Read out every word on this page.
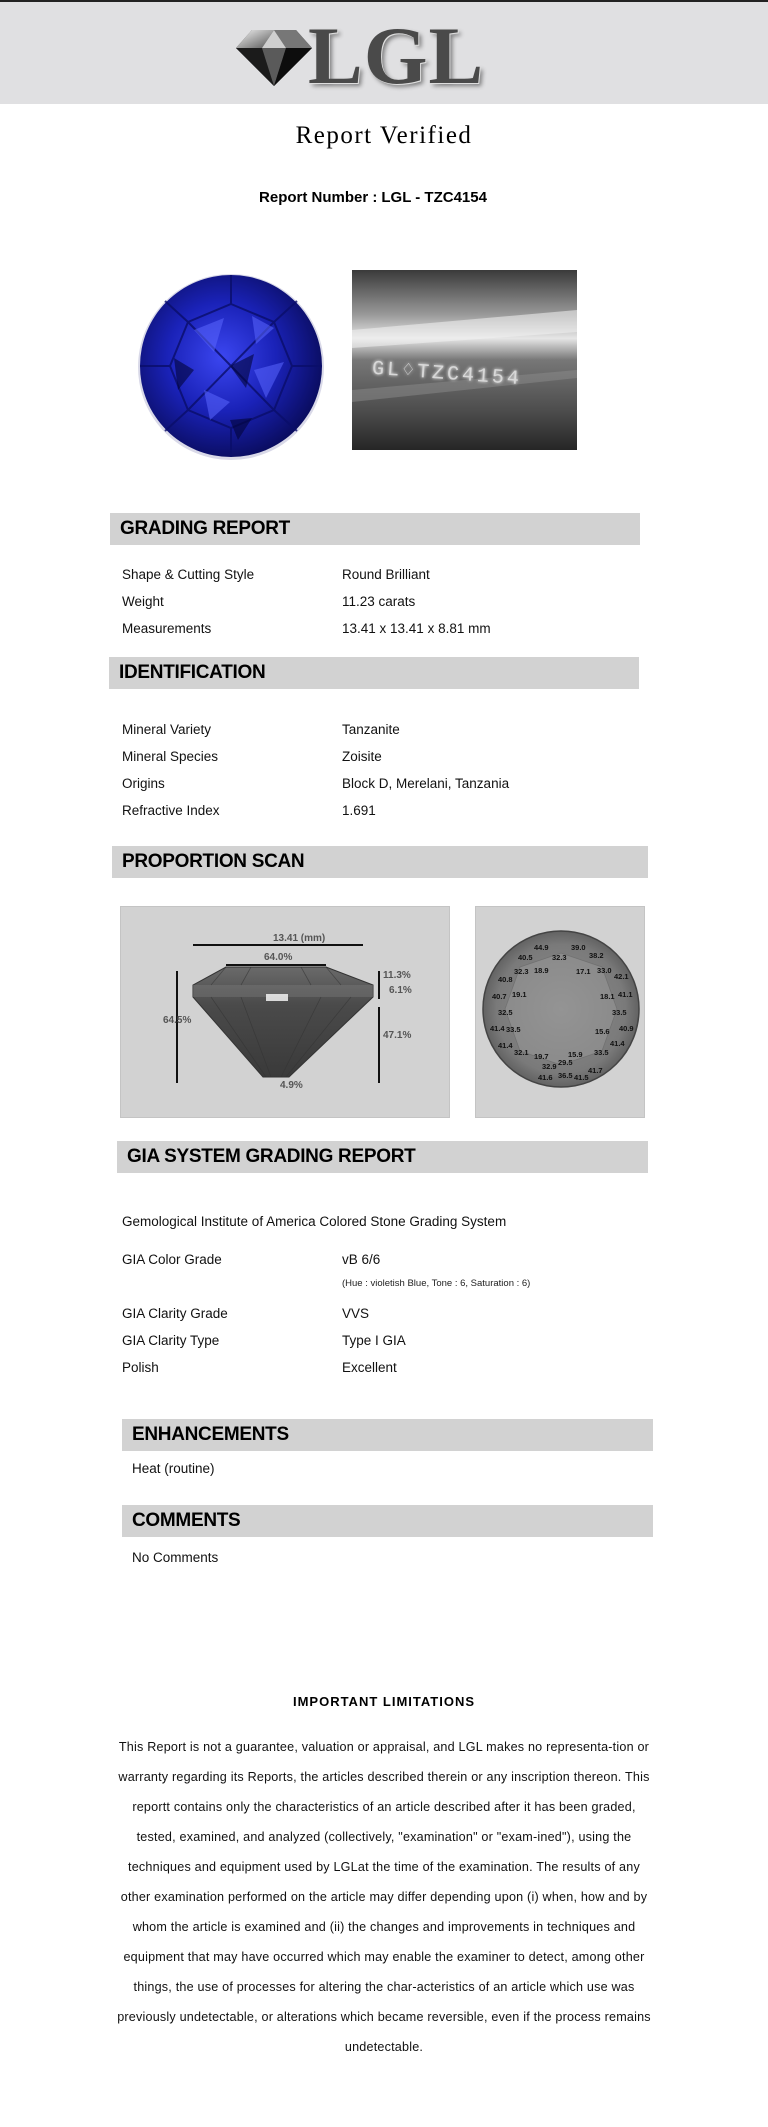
LGL
Report Verified
Report Number : LGL - TZC4154
GL♢TZC4154
GRADING REPORT
Shape & Cutting Style	Round Brilliant
Weight	11.23 carats
Measurements	13.41 x 13.41 x 8.81 mm
IDENTIFICATION
Mineral Variety	Tanzanite
Mineral Species	Zoisite
Origins	Block D, Merelani, Tanzania
Refractive Index	1.691
PROPORTION SCAN
13.41 (mm)
64.0%
64.5%
11.3%
6.1%
47.1%
4.9%
44.9	39.0
40.5	32.3	38.2
32.3 18.9	17.1 33.0
42.1
40.8
40.7 19.1	18.1 41.1
32.5	33.5
41.4 33.5	15.6 40.9
41.4
32.1 19.7	15.9 33.5
41.4
32.9 29.5
41.6 36.5 41.5
41.7
GIA SYSTEM GRADING REPORT
Gemological Institute of America Colored Stone Grading System
GIA Color Grade	vB 6/6
(Hue : violetish Blue, Tone : 6, Saturation : 6)
GIA Clarity Grade	VVS
GIA Clarity Type	Type I GIA
Polish	Excellent
ENHANCEMENTS
Heat (routine)
COMMENTS
No Comments
IMPORTANT LIMITATIONS
This Report is not a guarantee, valuation or appraisal, and LGL makes no representa-tion or warranty regarding its Reports, the articles described therein or any inscription thereon. This reportt contains only the characteristics of an article described after it has been graded, tested, examined, and analyzed (collectively, "examination" or "exam-ined"), using the techniques and equipment used by LGLat the time of the examination. The results of any other examination performed on the article may differ depending upon (i) when, how and by whom the article is examined and (ii) the changes and improvements in techniques and equipment that may have occurred which may enable the examiner to detect, among other things, the use of processes for altering the char-acteristics of an article which use was previously undetectable, or alterations which became reversible, even if the process remains undetectable.
